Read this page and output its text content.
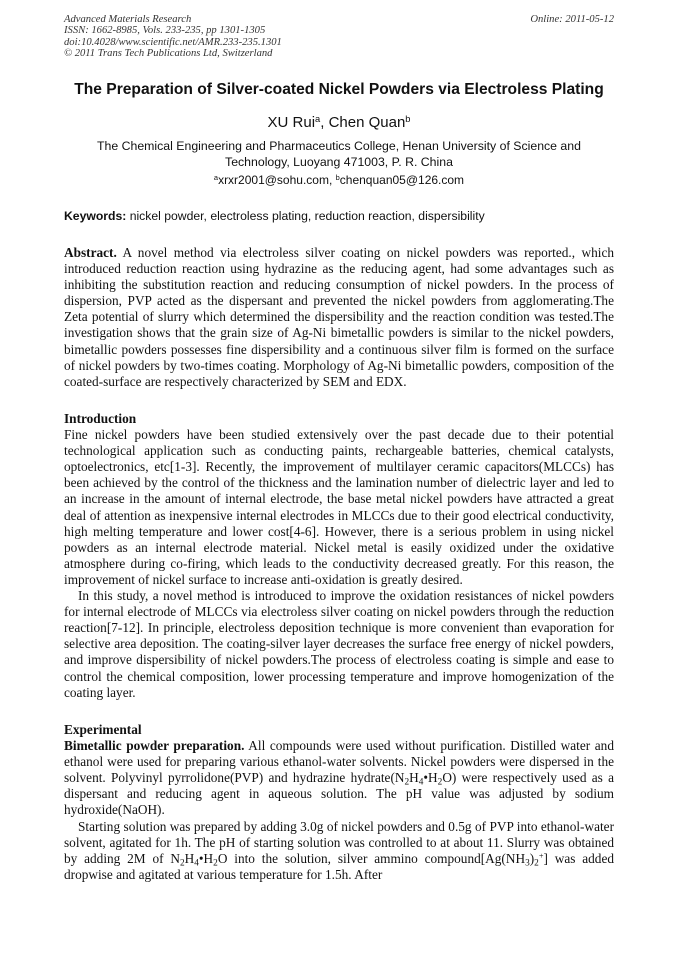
Advanced Materials Research
ISSN: 1662-8985, Vols. 233-235, pp 1301-1305
doi:10.4028/www.scientific.net/AMR.233-235.1301
© 2011 Trans Tech Publications Ltd, Switzerland
Online: 2011-05-12
The Preparation of Silver-coated Nickel Powders via Electroless Plating
XU Rui$^a$, Chen Quan$^b$
The Chemical Engineering and Pharmaceutics College, Henan University of Science and Technology, Luoyang 471003, P. R. China
$^a$xrxr2001@sohu.com, $^b$chenquan05@126.com
Keywords: nickel powder, electroless plating, reduction reaction, dispersibility

Abstract. A novel method via electroless silver coating on nickel powders was reported., which introduced reduction reaction using hydrazine as the reducing agent, had some advantages such as inhibiting the substitution reaction and reducing consumption of nickel powders. In the process of dispersion, PVP acted as the dispersant and prevented the nickel powders from agglomerating.The Zeta potential of slurry which determined the dispersibility and the reaction condition was tested.The investigation shows that the grain size of Ag-Ni bimetallic powders is similar to the nickel powders, bimetallic powders possesses fine dispersibility and a continuous silver film is formed on the surface of nickel powders by two-times coating. Morphology of Ag-Ni bimetallic powders, composition of the coated-surface are respectively characterized by SEM and EDX.

Introduction

Fine nickel powders have been studied extensively over the past decade due to their potential technological application such as conducting paints, rechargeable batteries, chemical catalysts, optoelectronics, etc[1-3]. Recently, the improvement of multilayer ceramic capacitors(MLCCs) has been achieved by the control of the thickness and the lamination number of dielectric layer and led to an increase in the amount of internal electrode, the base metal nickel powders have attracted a great deal of attention as inexpensive internal electrodes in MLCCs due to their good electrical conductivity, high melting temperature and lower cost[4-6]. However, there is a serious problem in using nickel powders as an internal electrode material. Nickel metal is easily oxidized under the oxidative atmosphere during co-firing, which leads to the conductivity decreased greatly. For this reason, the improvement of nickel surface to increase anti-oxidation is greatly desired.

In this study, a novel method is introduced to improve the oxidation resistances of nickel powders for internal electrode of MLCCs via electroless silver coating on nickel powders through the reduction reaction[7-12]. In principle, electroless deposition technique is more convenient than evaporation for selective area deposition. The coating-silver layer decreases the surface free energy of nickel powders, and improve dispersibility of nickel powders.The process of electroless coating is simple and ease to control the chemical composition, lower processing temperature and improve homogenization of the coating layer.

Experimental

Bimetallic powder preparation. All compounds were used without purification. Distilled water and ethanol were used for preparing various ethanol-water solvents. Nickel powders were dispersed in the solvent. Polyvinyl pyrrolidone(PVP) and hydrazine $hydrate(N_2H_4•H_2O)$ were respectively used as a dispersant and reducing agent in aqueous solution. The pH value was adjusted by sodium hydroxide(NaOH).

Starting solution was prepared by adding 3.0g of nickel powders and 0.5g of PVP into ethanol-water solvent, agitated for 1h. The pH of starting solution was controlled to at about 11. Slurry was obtained by adding 2M of $N_2H_4•H_2O$ into the solution, silver ammino $compound[Ag(NH_3)_2^+]$ was added dropwise and agitated at various temperature for 1.5h. After
